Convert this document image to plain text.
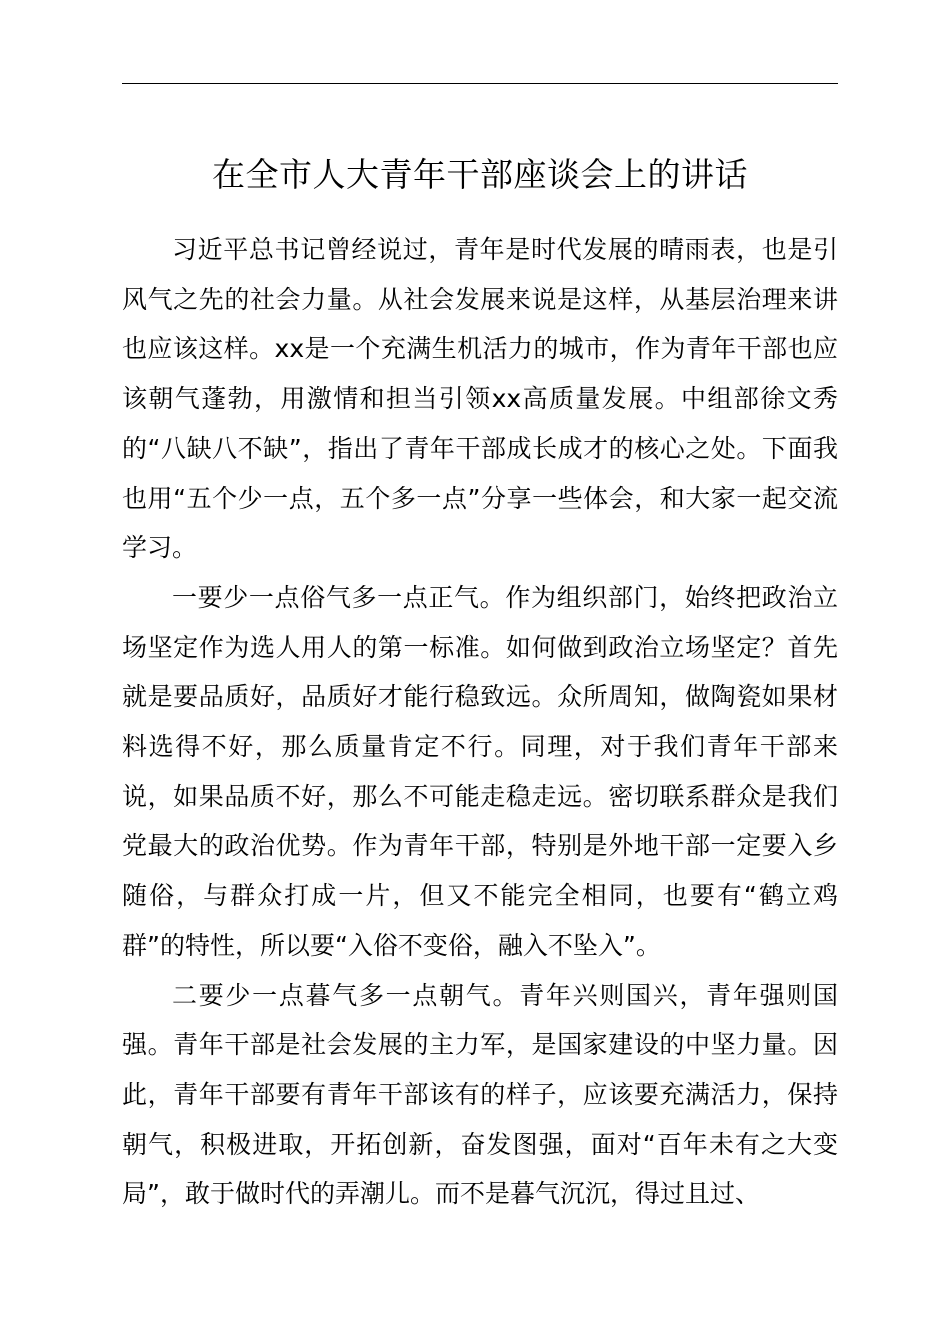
在全市人大青年干部座谈会上的讲话

习近平总书记曾经说过，青年是时代发展的晴雨表，也是引风气之先的社会力量。从社会发展来说是这样，从基层治理来讲也应该这样。xx是一个充满生机活力的城市，作为青年干部也应该朝气蓬勃，用激情和担当引领xx高质量发展。中组部徐文秀的“八缺八不缺”，指出了青年干部成长成才的核心之处。下面我也用“五个少一点，五个多一点”分享一些体会，和大家一起交流学习。

一要少一点俗气多一点正气。作为组织部门，始终把政治立场坚定作为选人用人的第一标准。如何做到政治立场坚定？首先就是要品质好，品质好才能行稳致远。众所周知，做陶瓷如果材料选得不好，那么质量肯定不行。同理，对于我们青年干部来说，如果品质不好，那么不可能走稳走远。密切联系群众是我们党最大的政治优势。作为青年干部，特别是外地干部一定要入乡随俗，与群众打成一片，但又不能完全相同，也要有“鹤立鸡群”的特性，所以要“入俗不变俗，融入不坠入”。

二要少一点暮气多一点朝气。青年兴则国兴，青年强则国强。青年干部是社会发展的主力军，是国家建设的中坚力量。因此，青年干部要有青年干部该有的样子，应该要充满活力，保持朝气，积极进取，开拓创新，奋发图强，面对“百年未有之大变局”，敢于做时代的弄潮儿。而不是暮气沉沉，得过且过、
